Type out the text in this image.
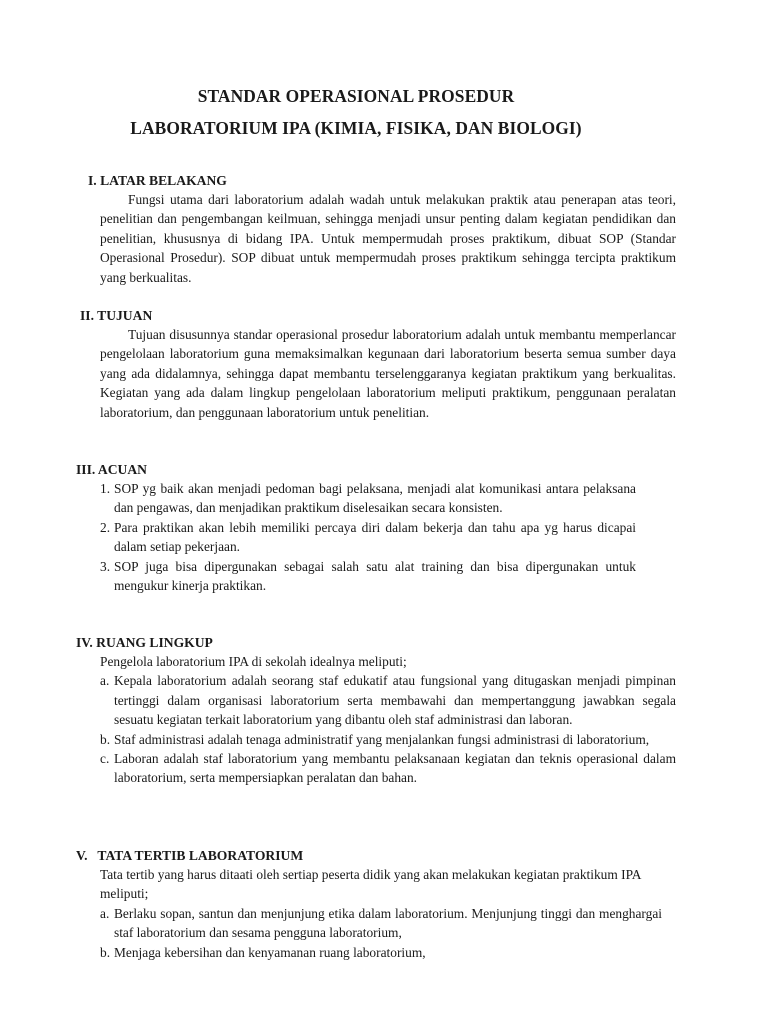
STANDAR OPERASIONAL PROSEDUR
LABORATORIUM IPA (KIMIA, FISIKA, DAN BIOLOGI)

I. LATAR BELAKANG

Fungsi utama dari laboratorium adalah wadah untuk melakukan praktik atau penerapan atas teori, penelitian dan pengembangan keilmuan, sehingga menjadi unsur penting dalam kegiatan pendidikan dan penelitian, khususnya di bidang IPA. Untuk mempermudah proses praktikum, dibuat SOP (Standar Operasional Prosedur). SOP dibuat untuk mempermudah proses praktikum sehingga tercipta praktikum yang berkualitas.

II. TUJUAN

Tujuan disusunnya standar operasional prosedur laboratorium adalah untuk membantu memperlancar pengelolaan laboratorium guna memaksimalkan kegunaan dari laboratorium beserta semua sumber daya yang ada didalamnya, sehingga dapat membantu terselenggaranya kegiatan praktikum yang berkualitas. Kegiatan yang ada dalam lingkup pengelolaan laboratorium meliputi praktikum, penggunaan peralatan laboratorium, dan penggunaan laboratorium untuk penelitian.

III. ACUAN

1. SOP yg baik akan menjadi pedoman bagi pelaksana, menjadi alat komunikasi antara pelaksana dan pengawas, dan menjadikan praktikum diselesaikan secara konsisten.
2. Para praktikan akan lebih memiliki percaya diri dalam bekerja dan tahu apa yg harus dicapai dalam setiap pekerjaan.
3. SOP juga bisa dipergunakan sebagai salah satu alat training dan bisa dipergunakan untuk mengukur kinerja praktikan.

IV. RUANG LINGKUP

Pengelola laboratorium IPA di sekolah idealnya meliputi;

a. Kepala laboratorium adalah seorang staf edukatif atau fungsional yang ditugaskan menjadi pimpinan tertinggi dalam organisasi laboratorium serta membawahi dan mempertanggung jawabkan segala sesuatu kegiatan terkait laboratorium yang dibantu oleh staf administrasi dan laboran.
b. Staf administrasi adalah tenaga administratif yang menjalankan fungsi administrasi di laboratorium,
c. Laboran adalah staf laboratorium yang membantu pelaksanaan kegiatan dan teknis operasional dalam laboratorium, serta mempersiapkan peralatan dan bahan.

V.   TATA TERTIB LABORATORIUM

Tata tertib yang harus ditaati oleh sertiap peserta didik yang akan melakukan kegiatan praktikum IPA meliputi;

a. Berlaku sopan, santun dan menjunjung etika dalam laboratorium. Menjunjung tinggi dan menghargai staf laboratorium dan sesama pengguna laboratorium,
b. Menjaga kebersihan dan kenyamanan ruang laboratorium,
